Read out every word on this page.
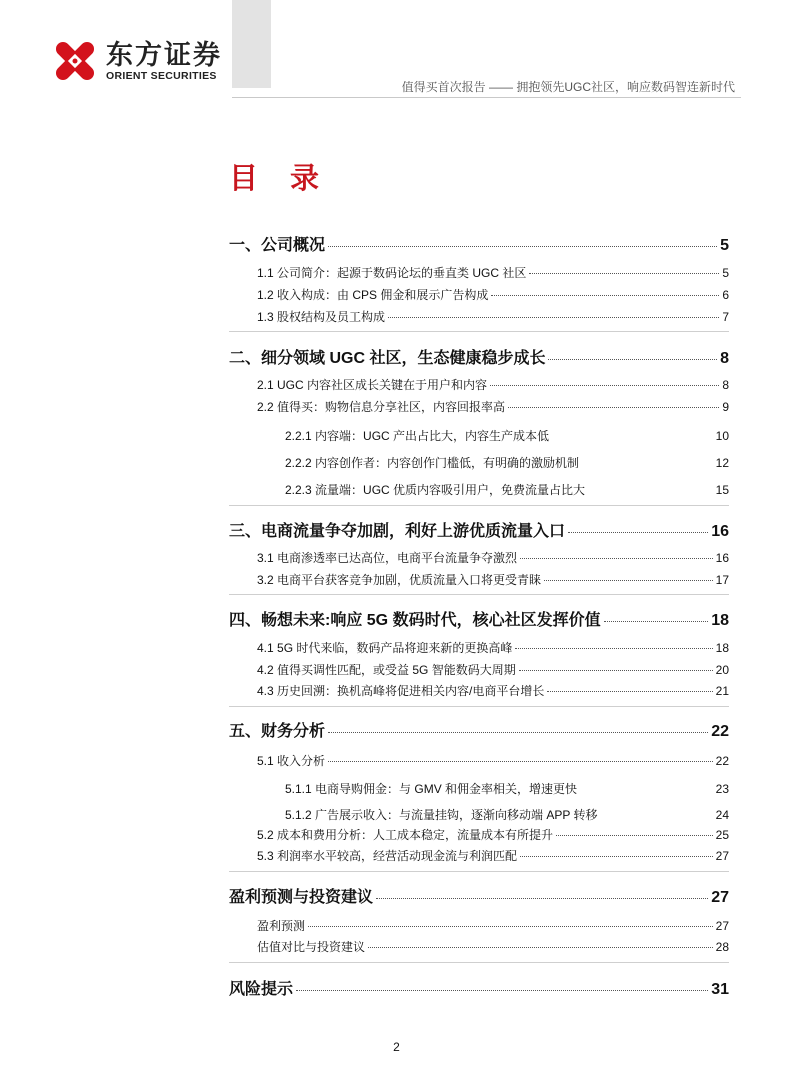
东方证券
ORIENT SECURITIES
值得买首次报告 —— 拥抱领先UGC社区，响应数码智连新时代
目 录
一、公司概况	5
1.1 公司简介：起源于数码论坛的垂直类 UGC 社区	5
1.2 收入构成：由 CPS 佣金和展示广告构成	6
1.3 股权结构及员工构成	7
二、细分领域 UGC 社区，生态健康稳步成长	8
2.1 UGC 内容社区成长关键在于用户和内容	8
2.2 值得买：购物信息分享社区，内容回报率高	9
2.2.1 内容端：UGC 产出占比大，内容生产成本低	10
2.2.2 内容创作者：内容创作门槛低，有明确的激励机制	12
2.2.3 流量端：UGC 优质内容吸引用户，免费流量占比大	15
三、电商流量争夺加剧，利好上游优质流量入口	16
3.1 电商渗透率已达高位，电商平台流量争夺激烈	16
3.2 电商平台获客竞争加剧，优质流量入口将更受青睐	17
四、畅想未来:响应 5G 数码时代，核心社区发挥价值	18
4.1 5G 时代来临，数码产品将迎来新的更换高峰	18
4.2 值得买调性匹配，或受益 5G 智能数码大周期	20
4.3 历史回溯：换机高峰将促进相关内容/电商平台增长	21
五、财务分析	22
5.1 收入分析	22
5.1.1 电商导购佣金：与 GMV 和佣金率相关，增速更快	23
5.1.2 广告展示收入：与流量挂钩，逐渐向移动端 APP 转移	24
5.2 成本和费用分析：人工成本稳定，流量成本有所提升	25
5.3 利润率水平较高，经营活动现金流与利润匹配	27
盈利预测与投资建议	27
盈利预测	27
估值对比与投资建议	28
风险提示	31
2
